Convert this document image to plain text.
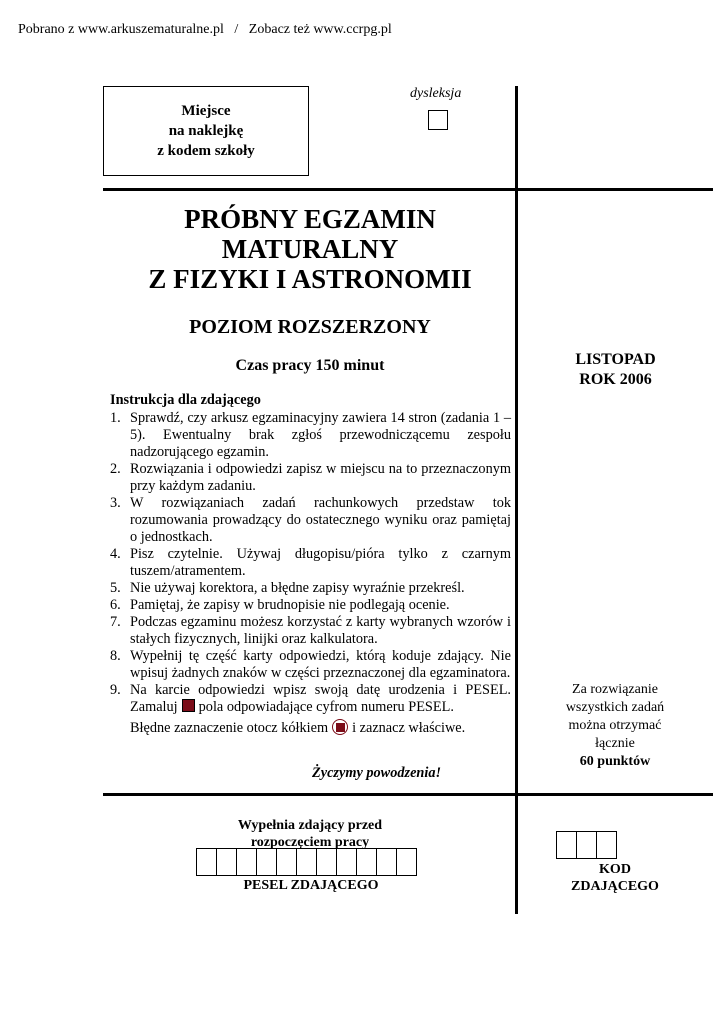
Pobrano z www.arkuszematuralne.pl   /   Zobacz też www.ccrpg.pl
Miejsce
na naklejkę
z kodem szkoły
dysleksja
PRÓBNY EGZAMIN
MATURALNY
Z FIZYKI I ASTRONOMII
POZIOM ROZSZERZONY
Czas pracy 150 minut	LISTOPAD
ROK 2006
Instrukcja dla zdającego
1. Sprawdź, czy arkusz egzaminacyjny zawiera 14 stron (zadania 1 – 5). Ewentualny brak zgłoś przewodniczącemu zespołu nadzorującego egzamin.
2. Rozwiązania i odpowiedzi zapisz w miejscu na to przeznaczonym przy każdym zadaniu.
3. W rozwiązaniach zadań rachunkowych przedstaw tok rozumowania prowadzący do ostatecznego wyniku oraz pamiętaj o jednostkach.
4. Pisz czytelnie. Używaj długopisu/pióra tylko z czarnym tuszem/atramentem.
5. Nie używaj korektora, a błędne zapisy wyraźnie przekreśl.
6. Pamiętaj, że zapisy w brudnopisie nie podlegają ocenie.
7. Podczas egzaminu możesz korzystać z karty wybranych wzorów i stałych fizycznych, linijki oraz kalkulatora.
8. Wypełnij tę część karty odpowiedzi, którą koduje zdający. Nie wpisuj żadnych znaków w części przeznaczonej dla egzaminatora.
9. Na karcie odpowiedzi wpisz swoją datę urodzenia i PESEL. Zamaluj pola odpowiadające cyfrom numeru PESEL.
Błędne zaznaczenie otocz kółkiem i zaznacz właściwe.
Życzymy powodzenia!
Za rozwiązanie
wszystkich zadań
można otrzymać
łącznie
60 punktów
Wypełnia zdający przed
rozpoczęciem pracy
PESEL ZDAJĄCEGO
KOD
ZDAJĄCEGO
